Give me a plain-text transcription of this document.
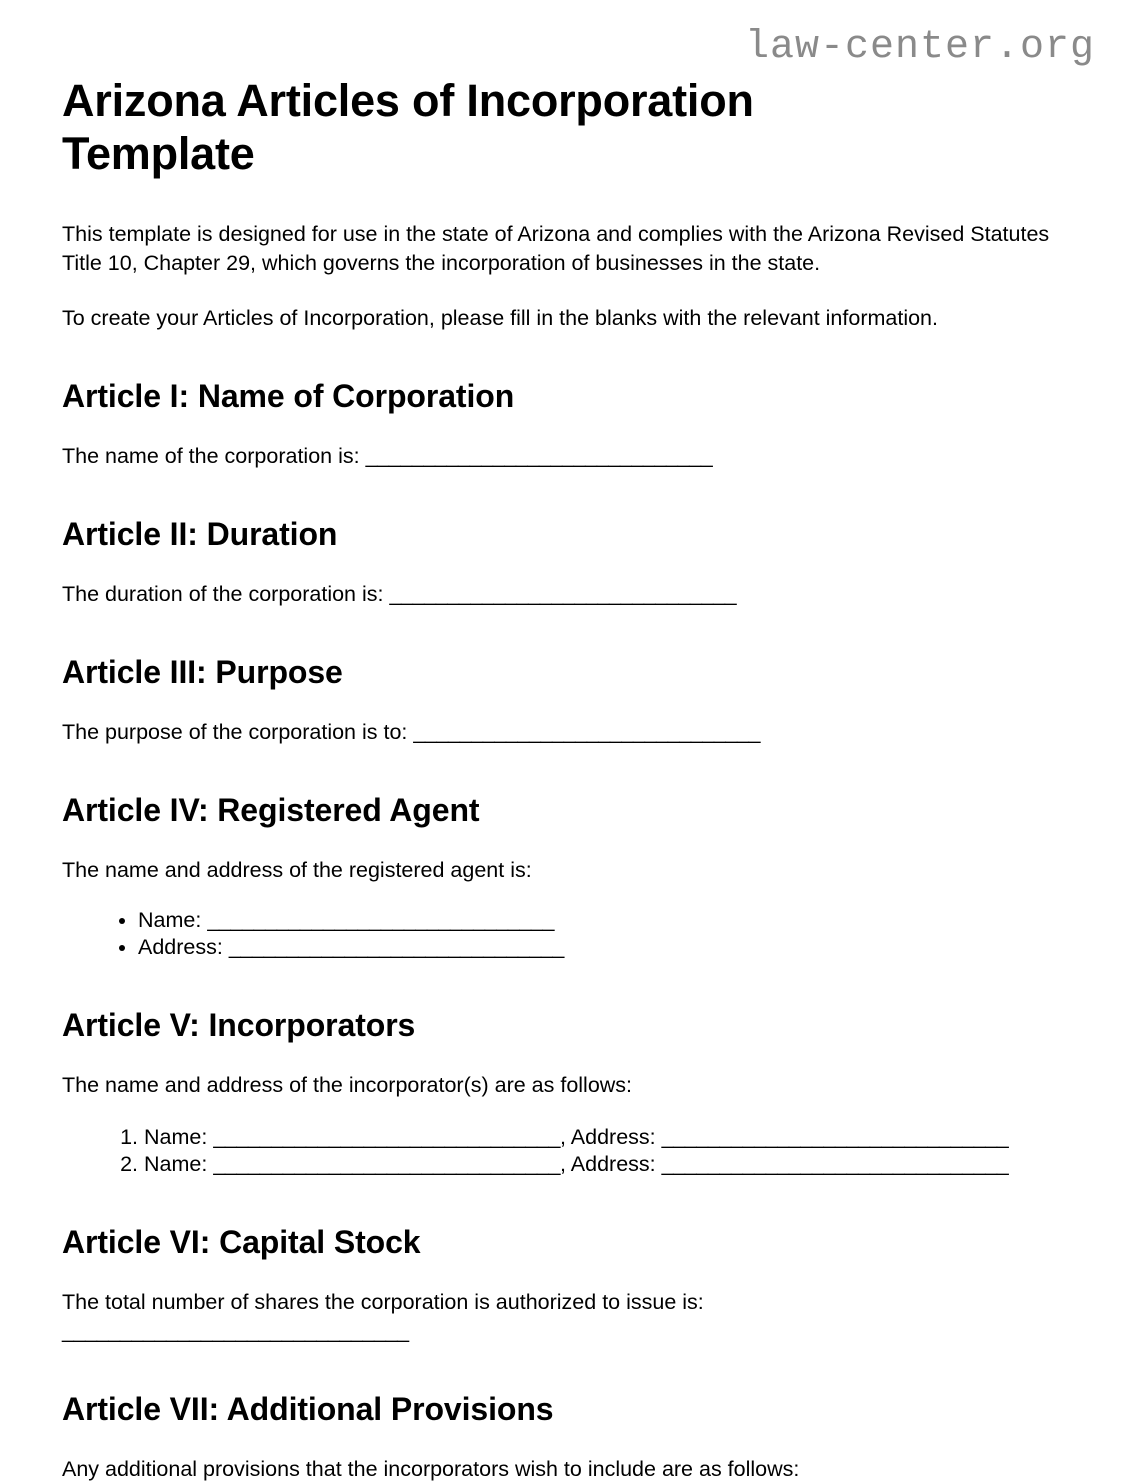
law-center.org
Arizona Articles of Incorporation Template

This template is designed for use in the state of Arizona and complies with the Arizona Revised Statutes Title 10, Chapter 29, which governs the incorporation of businesses in the state.

To create your Articles of Incorporation, please fill in the blanks with the relevant information.

Article I: Name of Corporation

The name of the corporation is: ______________________________

Article II: Duration

The duration of the corporation is: ______________________________

Article III: Purpose

The purpose of the corporation is to: ______________________________

Article IV: Registered Agent

The name and address of the registered agent is:

• Name: ______________________________
• Address: _____________________________
Article V: Incorporators

The name and address of the incorporator(s) are as follows:

1. Name: ______________________________, Address: ______________________________
2. Name: ______________________________, Address: ______________________________
Article VI: Capital Stock

The total number of shares the corporation is authorized to issue is: ______________________________

Article VII: Additional Provisions

Any additional provisions that the incorporators wish to include are as follows:
